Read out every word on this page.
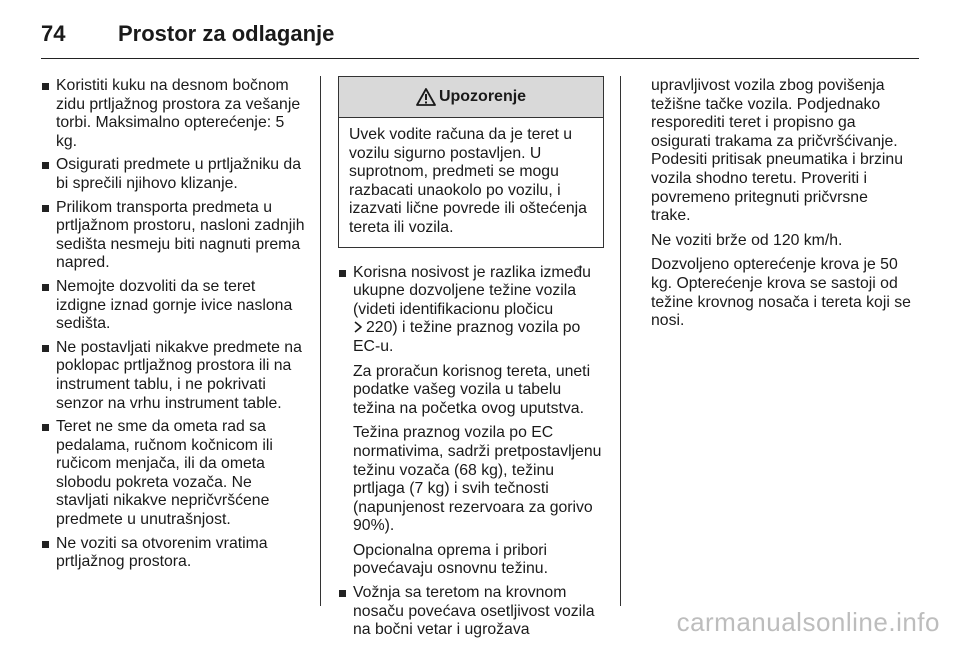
74	Prostor za odlaganje
Koristiti kuku na desnom bočnom zidu prtljažnog prostora za vešanje torbi. Maksimalno opterećenje: 5 kg.
Osigurati predmete u prtljažniku da bi sprečili njihovo klizanje.
Prilikom transporta predmeta u prtljažnom prostoru, nasloni zadnjih sedišta nesmeju biti nagnuti prema napred.
Nemojte dozvoliti da se teret izdigne iznad gornje ivice naslona sedišta.
Ne postavljati nikakve predmete na poklopac prtljažnog prostora ili na instrument tablu, i ne pokrivati senzor na vrhu instrument table.
Teret ne sme da ometa rad sa pedalama, ručnom kočnicom ili ručicom menjača, ili da ometa slobodu pokreta vozača. Ne stavljati nikakve nepričvršćene predmete u unutrašnjost.
Ne voziti sa otvorenim vratima prtljažnog prostora.
Upozorenje
Uvek vodite računa da je teret u vozilu sigurno postavljen. U suprotnom, predmeti se mogu razbacati unaokolo po vozilu, i izazvati lične povrede ili oštećenja tereta ili vozila.
Korisna nosivost je razlika između ukupne dozvoljene težine vozila (videti identifikacionu pločicu
220) i težine praznog vozila po EC-u.
Za proračun korisnog tereta, uneti podatke vašeg vozila u tabelu težina na početka ovog uputstva.
Težina praznog vozila po EC normativima, sadrži pretpostavljenu težinu vozača (68 kg), težinu prtljaga (7 kg) i svih tečnosti (napunjenost rezervoara za gorivo 90%).
Opcionalna oprema i pribori povećavaju osnovnu težinu.
Vožnja sa teretom na krovnom nosaču povećava osetljivost vozila na bočni vetar i ugrožava

upravljivost vozila zbog povišenja težišne tačke vozila. Podjednako resporediti teret i propisno ga osigurati trakama za pričvršćivanje. Podesiti pritisak pneumatika i brzinu vozila shodno teretu. Proveriti i povremeno pritegnuti pričvrsne trake.

Ne voziti brže od 120 km/h.

Dozvoljeno opterećenje krova je 50 kg. Opterećenje krova se sastoji od težine krovnog nosača i tereta koji se nosi.

carmanualsonline.info
